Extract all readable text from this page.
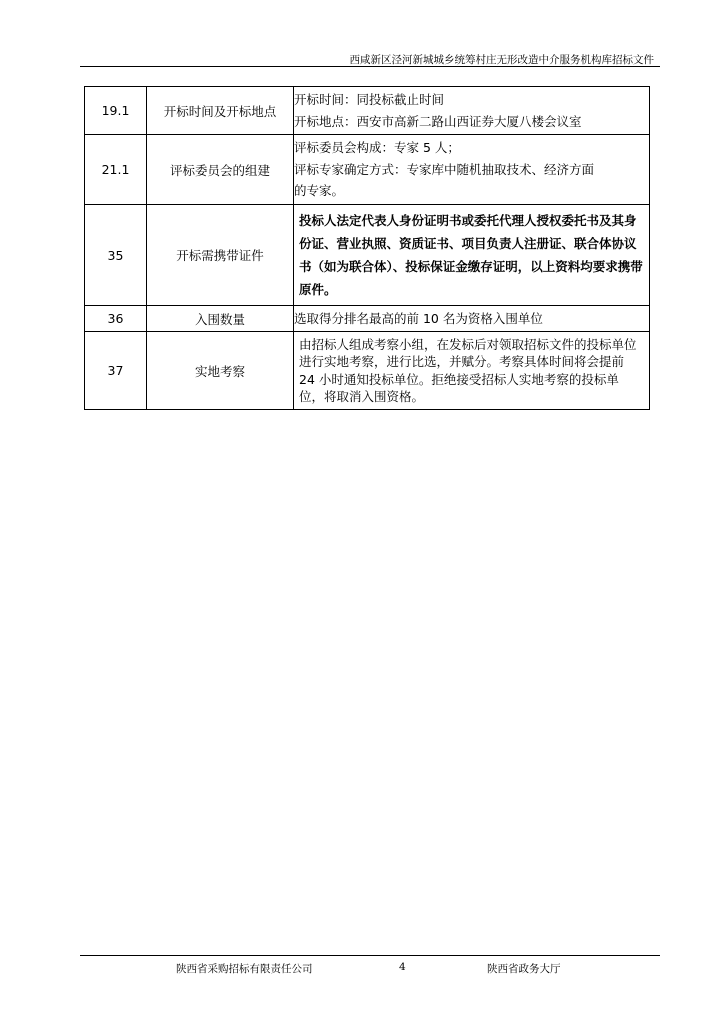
西咸新区泾河新城城乡统筹村庄无形改造中介服务机构库招标文件
19.1	开标时间及开标地点	开标时间：同投标截止时间
开标地点：西安市高新二路山西证券大厦八楼会议室

21.1	评标委员会的组建	评标委员会构成：专家 5 人；
评标专家确定方式：专家库中随机抽取技术、经济方面
的专家。

35	开标需携带证件	投标人法定代表人身份证明书或委托代理人授权委托书及其身份证、营业执照、资质证书、项目负责人注册证、联合体协议书（如为联合体）、投标保证金缴存证明，以上资料均要求携带原件。

36	入围数量	选取得分排名最高的前 10 名为资格入围单位

37	实地考察	由招标人组成考察小组，在发标后对领取招标文件的投标单位进行实地考察，进行比选，并赋分。考察具体时间将会提前 24 小时通知投标单位。拒绝接受招标人实地考察的投标单位，将取消入围资格。
陕西省采购招标有限责任公司	4	陕西省政务大厅
